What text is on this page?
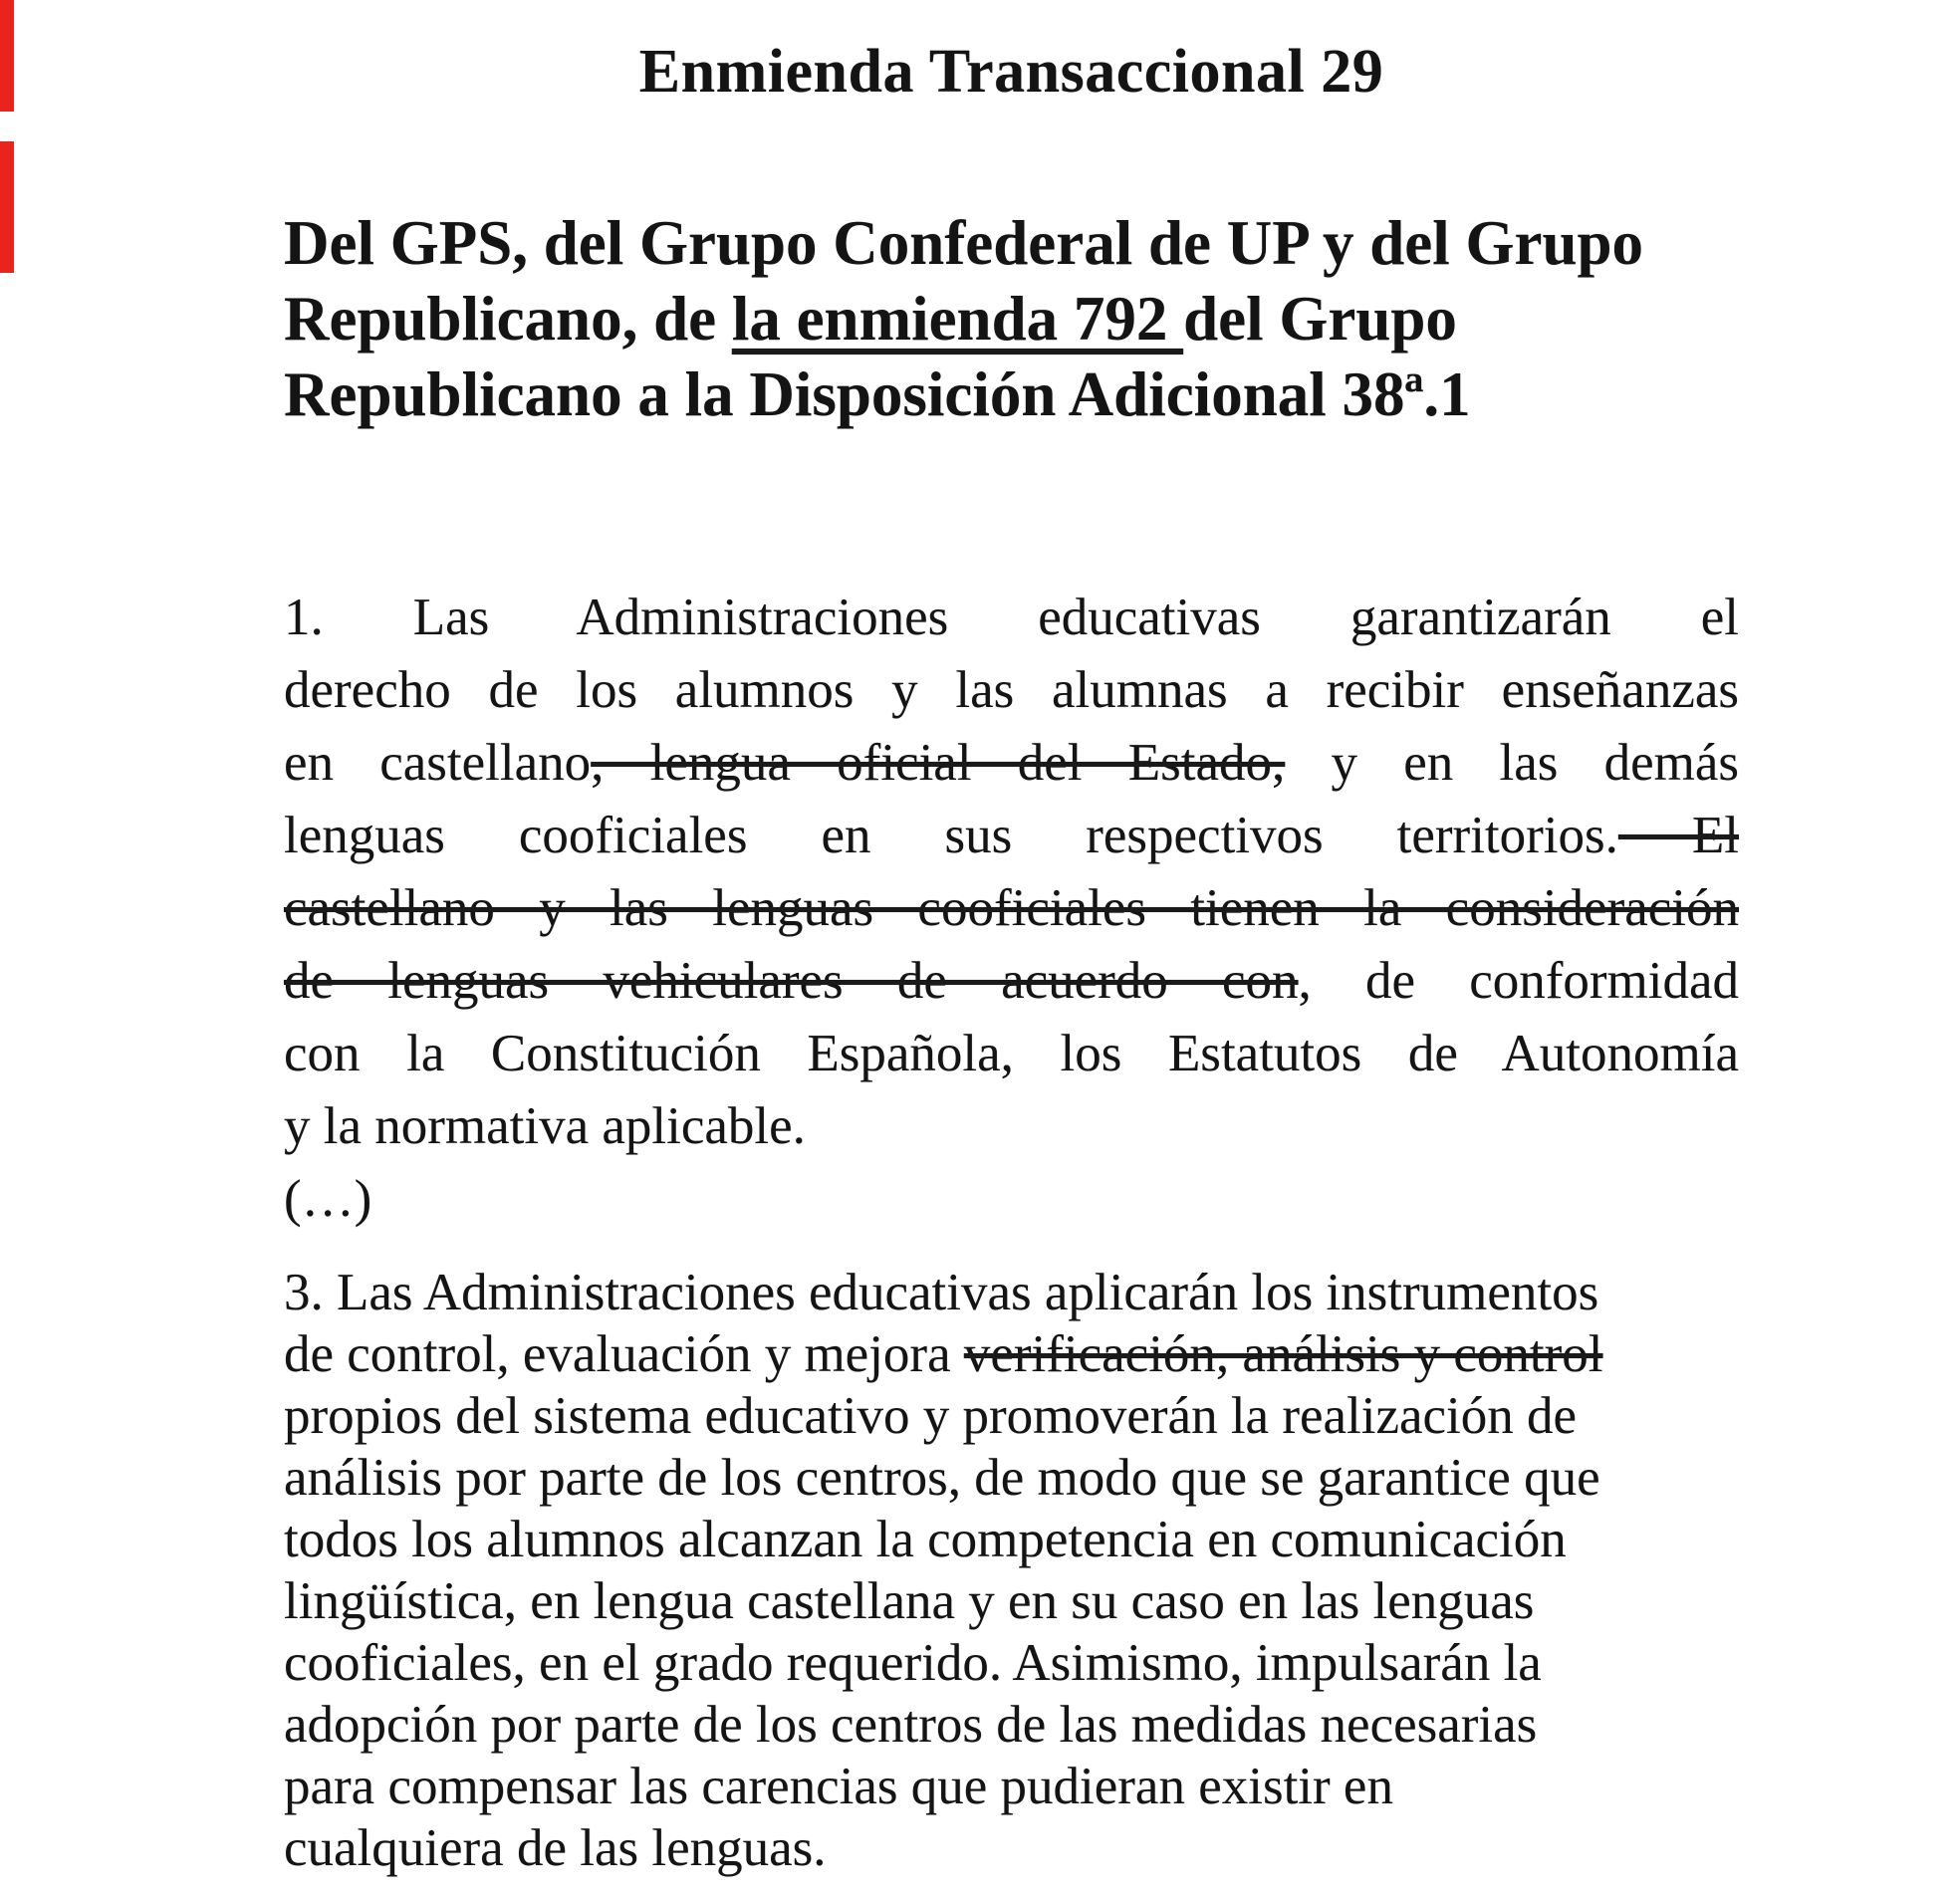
Enmienda Transaccional 29
Del GPS, del Grupo Confederal de UP y del Grupo
Republicano, de la enmienda 792 del Grupo
Republicano a la Disposición Adicional 38ª.1
1. Las Administraciones educativas garantizarán el
derecho de los alumnos y las alumnas a recibir enseñanzas
en castellano, lengua oficial del Estado, y en las demás
lenguas cooficiales en sus respectivos territorios. El
castellano y las lenguas cooficiales tienen la consideración
de lenguas vehiculares de acuerdo con, de conformidad
con la Constitución Española, los Estatutos de Autonomía
y la normativa aplicable.
(…)
3. Las Administraciones educativas aplicarán los instrumentos
de control, evaluación y mejora verificación, análisis y control
propios del sistema educativo y promoverán la realización de
análisis por parte de los centros, de modo que se garantice que
todos los alumnos alcanzan la competencia en comunicación
lingüística, en lengua castellana y en su caso en las lenguas
cooficiales, en el grado requerido. Asimismo, impulsarán la
adopción por parte de los centros de las medidas necesarias
para compensar las carencias que pudieran existir en
cualquiera de las lenguas.
